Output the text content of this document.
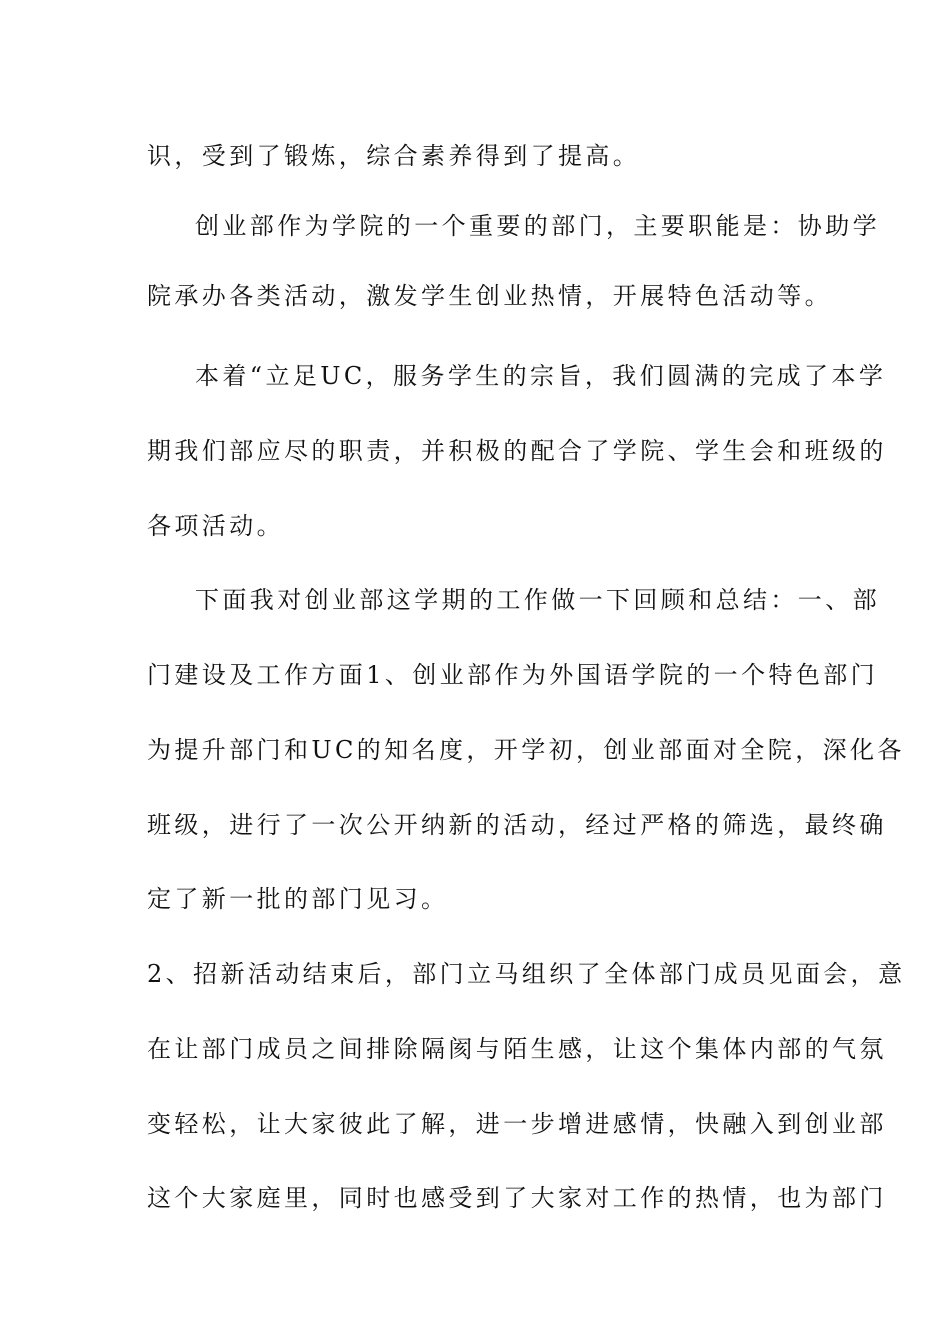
识，受到了锻炼，综合素养得到了提高。
创业部作为学院的一个重要的部门，主要职能是：协助学
院承办各类活动，激发学生创业热情，开展特色活动等。
本着“立足UC，服务学生的宗旨，我们圆满的完成了本学
期我们部应尽的职责，并积极的配合了学院、学生会和班级的
各项活动。
下面我对创业部这学期的工作做一下回顾和总结：一、部
门建设及工作方面1、创业部作为外国语学院的一个特色部门
为提升部门和UC的知名度，开学初，创业部面对全院，深化各
班级，进行了一次公开纳新的活动，经过严格的筛选，最终确
定了新一批的部门见习。
2、招新活动结束后，部门立马组织了全体部门成员见面会，意
在让部门成员之间排除隔阂与陌生感，让这个集体内部的气氛
变轻松，让大家彼此了解，进一步增进感情，快融入到创业部
这个大家庭里，同时也感受到了大家对工作的热情，也为部门
